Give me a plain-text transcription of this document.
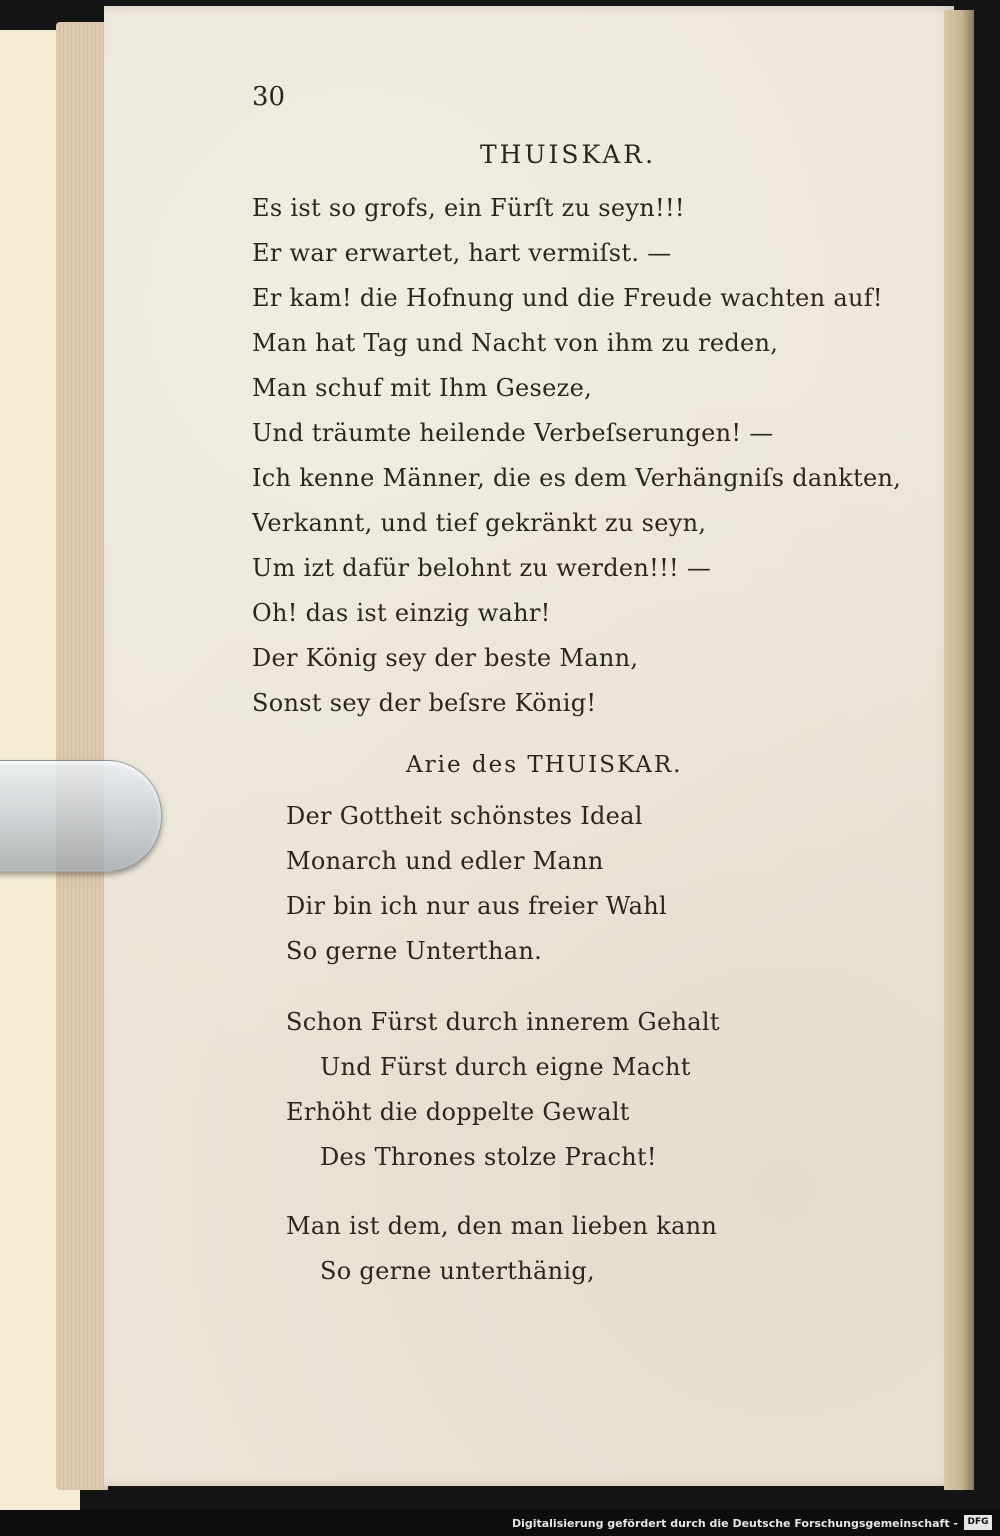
30
THUISKAR.
Es ist so grofs, ein Fürſt zu seyn!!!
Er war erwartet, hart vermiſst. —
Er kam! die Hofnung und die Freude wachten auf!
Man hat Tag und Nacht von ihm zu reden,
Man schuf mit Ihm Geseze,
Und träumte heilende Verbeſserungen! —
Ich kenne Männer, die es dem Verhängniſs dankten,
Verkannt, und tief gekränkt zu seyn,
Um izt dafür belohnt zu werden!!! —
Oh! das ist einzig wahr!
Der König sey der beste Mann,
Sonst sey der beſsre König!
Arie des THUISKAR.
Der Gottheit schönstes Ideal
Monarch und edler Mann
Dir bin ich nur aus freier Wahl
So gerne Unterthan.
Schon Fürst durch innerem Gehalt
Und Fürst durch eigne Macht
Erhöht die doppelte Gewalt
Des Thrones stolze Pracht!
Man ist dem, den man lieben kann
So gerne unterthänig,
Digitalisierung gefördert durch die Deutsche Forschungsgemeinschaft -	DFG
